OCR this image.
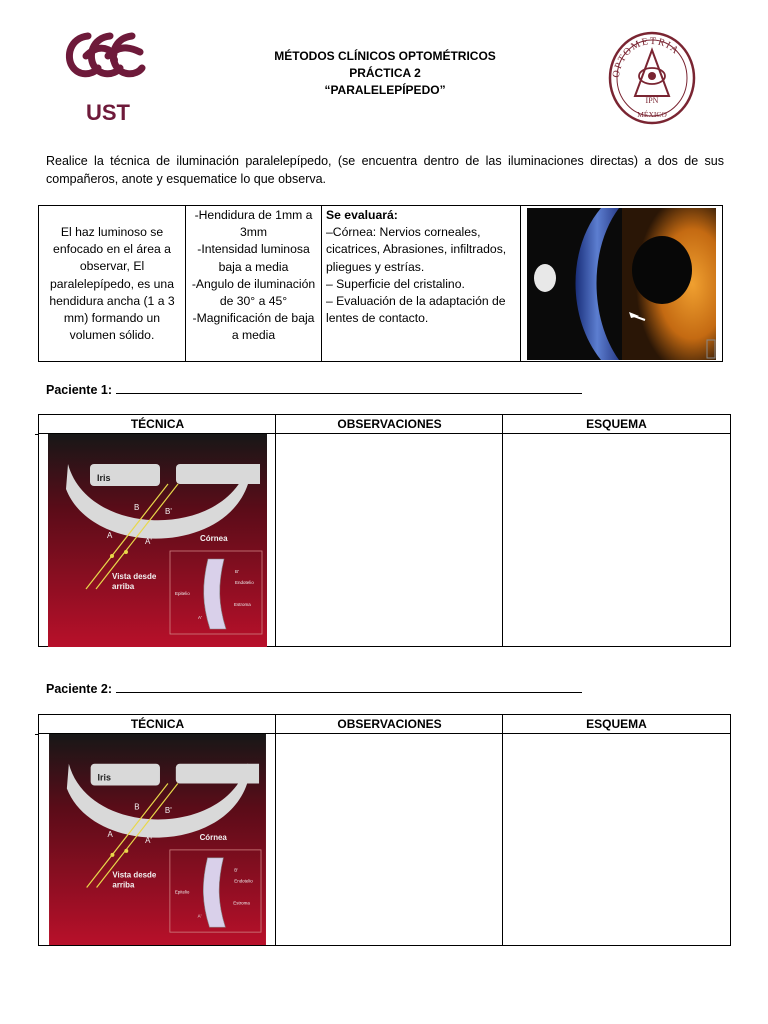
UST
MÉTODOS CLÍNICOS OPTOMÉTRICOS
PRÁCTICA 2
“PARALELEPÍPEDO”
OPTOMETRIA
IPN
MÉXICO
Realice la técnica de iluminación paralelepípedo, (se encuentra dentro de las iluminaciones directas) a dos de sus compañeros, anote y esquematice lo que observa.
El haz luminoso se enfocado en el área a observar, El paralelepípedo, es una hendidura ancha (1 a 3 mm) formando un volumen sólido.
-Hendidura de 1mm a 3mm
-Intensidad luminosa baja a media
-Angulo de iluminación de 30° a 45°
-Magnificación de baja a media
Se evaluará:
–Córnea: Nervios corneales, cicatrices, Abrasiones, infiltrados, pliegues y estrías.
– Superficie del cristalino.
– Evaluación de la adaptación de lentes de contacto.
Paciente 1:
TÉCNICA	OBSERVACIONES	ESQUEMA
Iris
B	B'
A
A'	Córnea
Vista desde
arriba
B'
A'
Endotelio
Estroma
Epitelio
Paciente 2:
TÉCNICA	OBSERVACIONES	ESQUEMA
Iris
B	B'
A
A'	Córnea
Vista desde
arriba
B'
A'
Endotelio
Estroma
Epitelio
